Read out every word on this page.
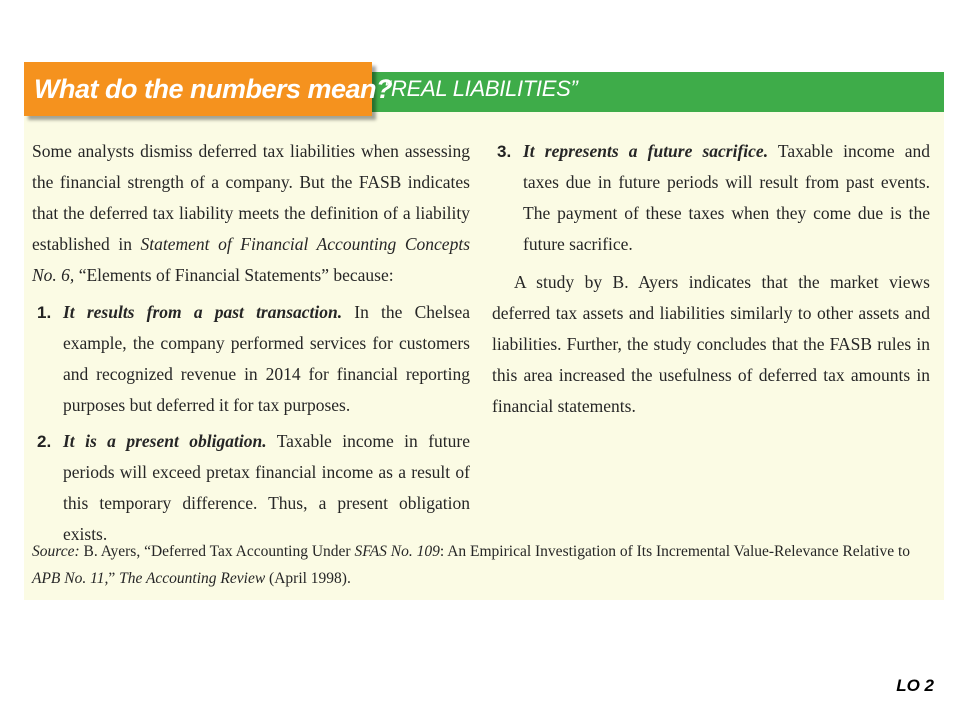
What do the numbers mean?
“REAL LIABILITIES”

Some analysts dismiss deferred tax liabilities when assessing the financial strength of a company. But the FASB indicates that the deferred tax liability meets the definition of a liability established in Statement of Financial Accounting Concepts No. 6, “Elements of Financial Statements” because:

1. It results from a past transaction. In the Chelsea example, the company performed services for customers and recognized revenue in 2014 for financial reporting purposes but deferred it for tax purposes.
2. It is a present obligation. Taxable income in future periods will exceed pretax financial income as a result of this temporary difference. Thus, a present obligation exists.
3. It represents a future sacrifice. Taxable income and taxes due in future periods will result from past events. The payment of these taxes when they come due is the future sacrifice.

A study by B. Ayers indicates that the market views deferred tax assets and liabilities similarly to other assets and liabilities. Further, the study concludes that the FASB rules in this area increased the usefulness of deferred tax amounts in financial statements.

Source: B. Ayers, “Deferred Tax Accounting Under SFAS No. 109: An Empirical Investigation of Its Incremental Value-Relevance Relative to APB No. 11,” The Accounting Review (April 1998).
LO 2
